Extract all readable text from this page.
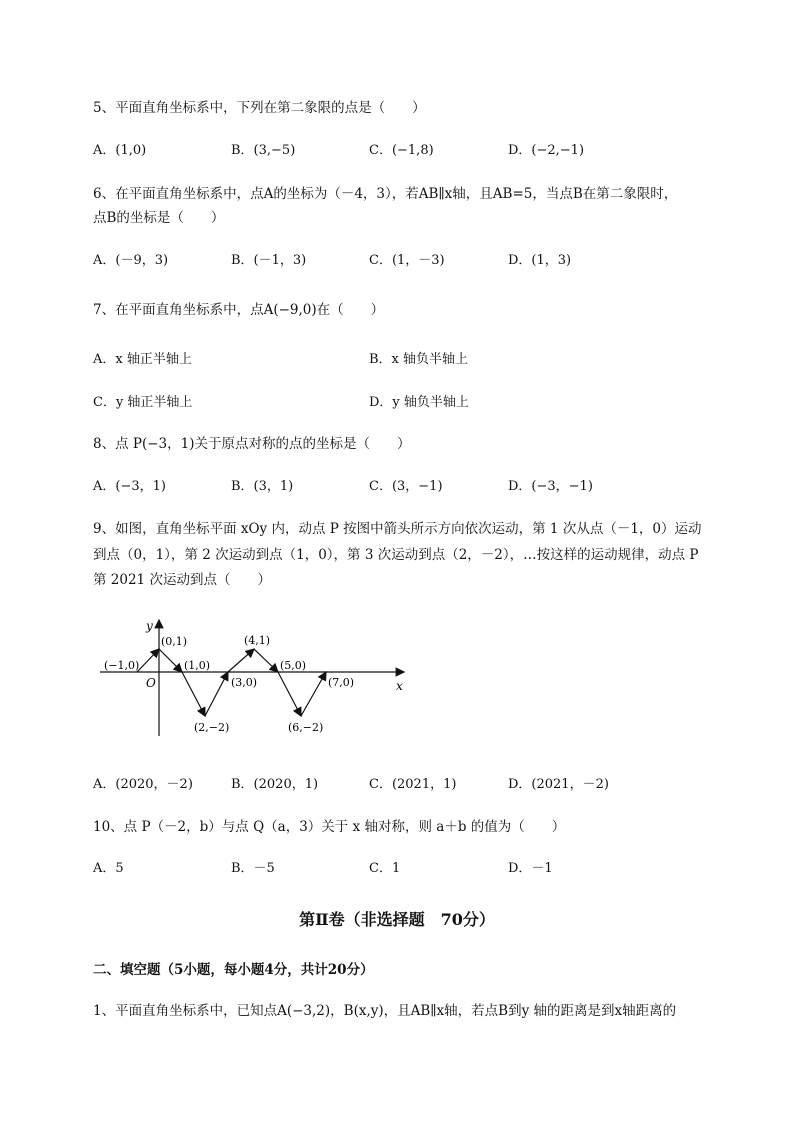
5、平面直角坐标系中，下列在第二象限的点是（　　）
A．(1,0)	B．(3,−5)	C．(−1,8)	D．(−2,−1)
6、在平面直角坐标系中，点A的坐标为（－4，3），若AB∥x轴，且AB=5，当点B在第二象限时，
点B的坐标是（　　）
A．(－9，3)	B．(－1，3)	C．(1，－3)	D．(1，3)
7、在平面直角坐标系中，点A(−9,0)在（　　）
A．x 轴正半轴上	B．x 轴负半轴上
C．y 轴正半轴上	D．y 轴负半轴上
8、点 P(−3，1)关于原点对称的点的坐标是（　　）
A．(−3，1)	B．(3，1)	C．(3，−1)	D．(−3，−1)
9、如图，直角坐标平面 xOy 内，动点 P 按图中箭头所示方向依次运动，第 1 次从点（－1，0）运动
到点（0，1），第 2 次运动到点（1，0），第 3 次运动到点（2，－2），…按这样的运动规律，动点 P
第 2021 次运动到点（　　）
x
y
O
(−1,0)
(0,1)
(1,0)
(2,−2)
(3,0)
(4,1)
(5,0)
(6,−2)
(7,0)
A．(2020，－2)	B．(2020，1)	C．(2021，1)	D．(2021，－2)
10、点 P（－2，b）与点 Q（a，3）关于 x 轴对称，则 a＋b 的值为（　　）
A．5	B．－5	C．1	D．－1
第Ⅱ卷（非选择题　70分）
二、填空题（5小题，每小题4分，共计20分）
1、平面直角坐标系中，已知点A(−3,2)，B(x,y)，且AB∥x轴，若点B到y 轴的距离是到x轴距离的
